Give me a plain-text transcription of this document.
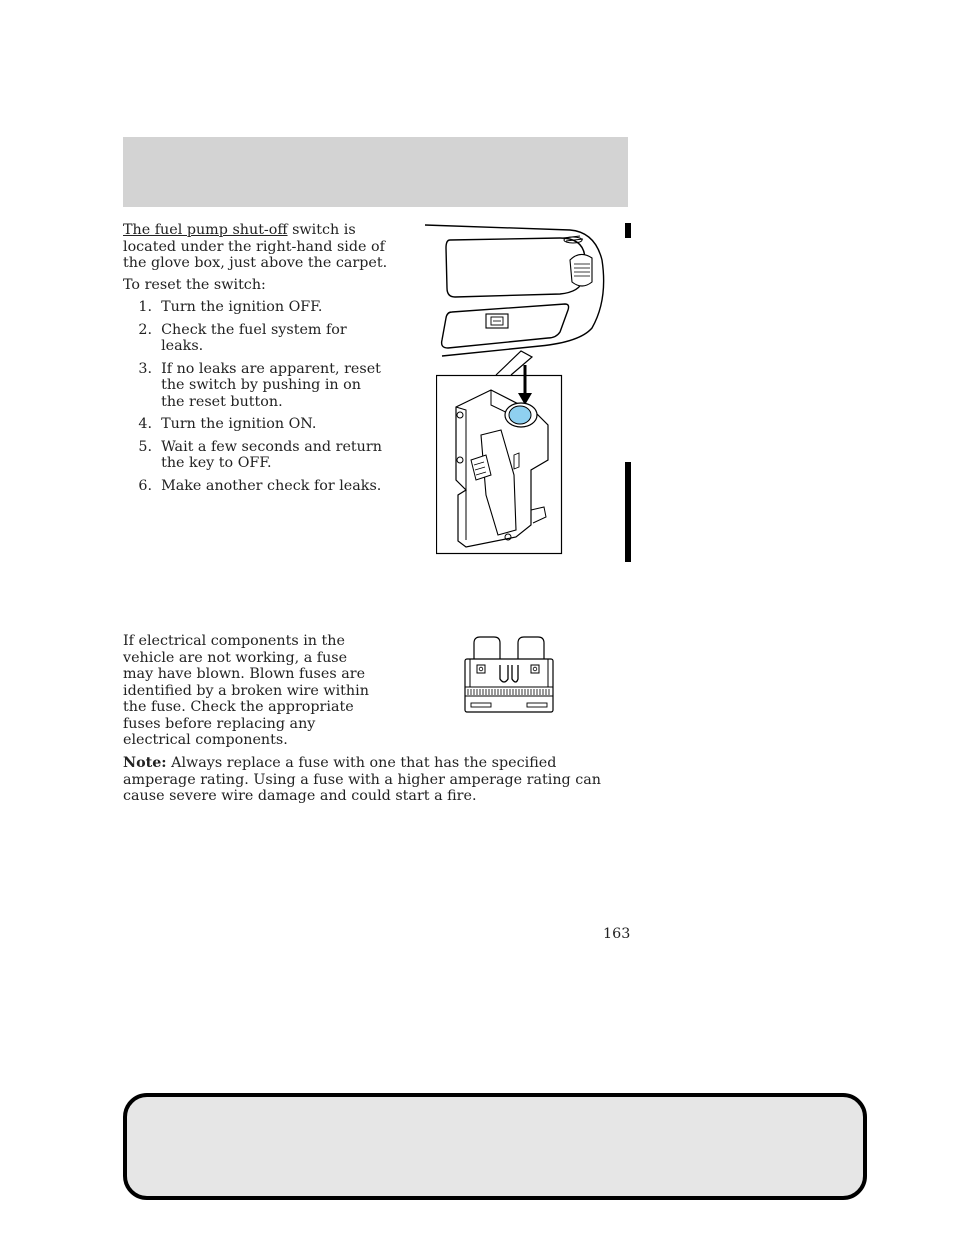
The fuel pump shut-off switch is located under the right-hand side of the glove box, just above the carpet.

To reset the switch:

1.
Turn the ignition OFF.
2.
Check the fuel system for leaks.
3.
If no leaks are apparent, reset the switch by pushing in on the reset button.
4.
Turn the ignition ON.
5.
Wait a few seconds and return the key to OFF.
6.
Make another check for leaks.
If electrical components in the vehicle are not working, a fuse may have blown. Blown fuses are identified by a broken wire within the fuse. Check the appropriate fuses before replacing any electrical components.
Note: Always replace a fuse with one that has the specified amperage rating. Using a fuse with a higher amperage rating can cause severe wire damage and could start a fire.
163
